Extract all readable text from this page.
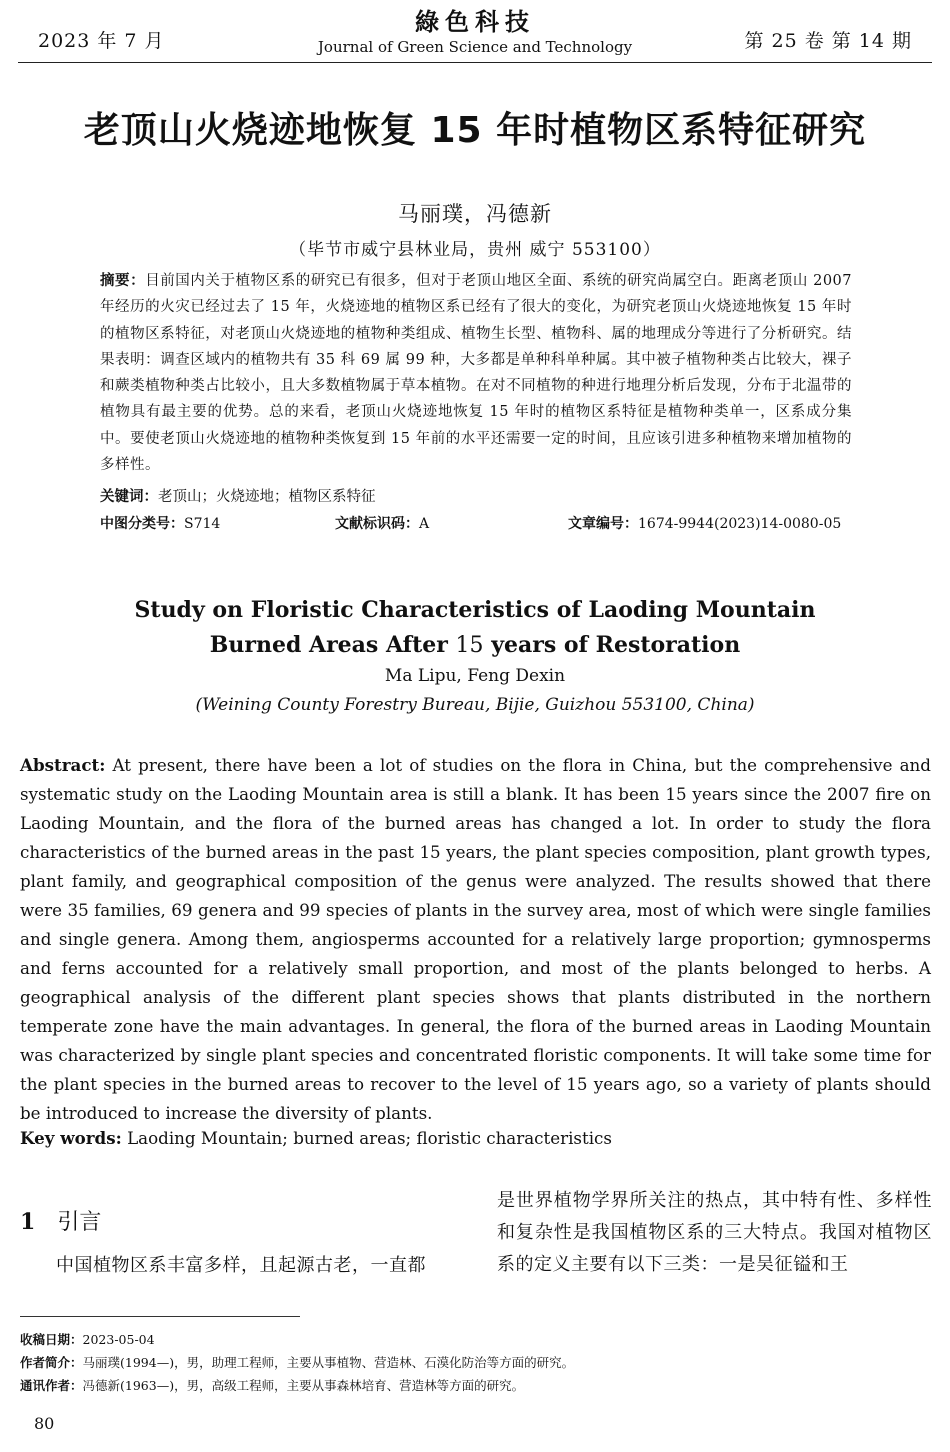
2023 年 7 月
綠色科技
Journal of Green Science and Technology	第 25 卷 第 14 期
老顶山火烧迹地恢复 15 年时植物区系特征研究
马丽璞，冯德新
（毕节市威宁县林业局，贵州 威宁 553100）
摘要：目前国内关于植物区系的研究已有很多，但对于老顶山地区全面、系统的研究尚属空白。距离老顶山 2007 年经历的火灾已经过去了 15 年，火烧迹地的植物区系已经有了很大的变化，为研究老顶山火烧迹地恢复 15 年时的植物区系特征，对老顶山火烧迹地的植物种类组成、植物生长型、植物科、属的地理成分等进行了分析研究。结果表明：调查区域内的植物共有 35 科 69 属 99 种，大多都是单种科单种属。其中被子植物种类占比较大，裸子和蕨类植物种类占比较小，且大多数植物属于草本植物。在对不同植物的种进行地理分析后发现，分布于北温带的植物具有最主要的优势。总的来看，老顶山火烧迹地恢复 15 年时的植物区系特征是植物种类单一，区系成分集中。要使老顶山火烧迹地的植物种类恢复到 15 年前的水平还需要一定的时间，且应该引进多种植物来增加植物的多样性。
关键词：老顶山；火烧迹地；植物区系特征
中图分类号：S714	文献标识码：A	文章编号：1674-9944(2023)14-0080-05
Study on Floristic Characteristics of Laoding Mountain
Burned Areas After 15 years of Restoration
Ma Lipu, Feng Dexin
(Weining County Forestry Bureau, Bijie, Guizhou 553100, China)
Abstract: At present, there have been a lot of studies on the flora in China, but the comprehensive and systematic study on the Laoding Mountain area is still a blank. It has been 15 years since the 2007 fire on Laoding Mountain, and the flora of the burned areas has changed a lot. In order to study the flora characteristics of the burned areas in the past 15 years, the plant species composition, plant growth types, plant family, and geographical composition of the genus were analyzed. The results showed that there were 35 families, 69 genera and 99 species of plants in the survey area, most of which were single families and single genera. Among them, angiosperms accounted for a relatively large proportion; gymnosperms and ferns accounted for a relatively small proportion, and most of the plants belonged to herbs. A geographical analysis of the different plant species shows that plants distributed in the northern temperate zone have the main advantages. In general, the flora of the burned areas in Laoding Mountain was characterized by single plant species and concentrated floristic components. It will take some time for the plant species in the burned areas to recover to the level of 15 years ago, so a variety of plants should be introduced to increase the diversity of plants.
Key words: Laoding Mountain; burned areas; floristic characteristics
1 引言
中国植物区系丰富多样，且起源古老，一直都
是世界植物学界所关注的热点，其中特有性、多样性和复杂性是我国植物区系的三大特点。我国对植物区系的定义主要有以下三类：一是吴征镒和王
收稿日期：2023-05-04
作者简介：马丽璞(1994—)，男，助理工程师，主要从事植物、营造林、石漠化防治等方面的研究。
通讯作者：冯德新(1963—)，男，高级工程师，主要从事森林培育、营造林等方面的研究。
80
